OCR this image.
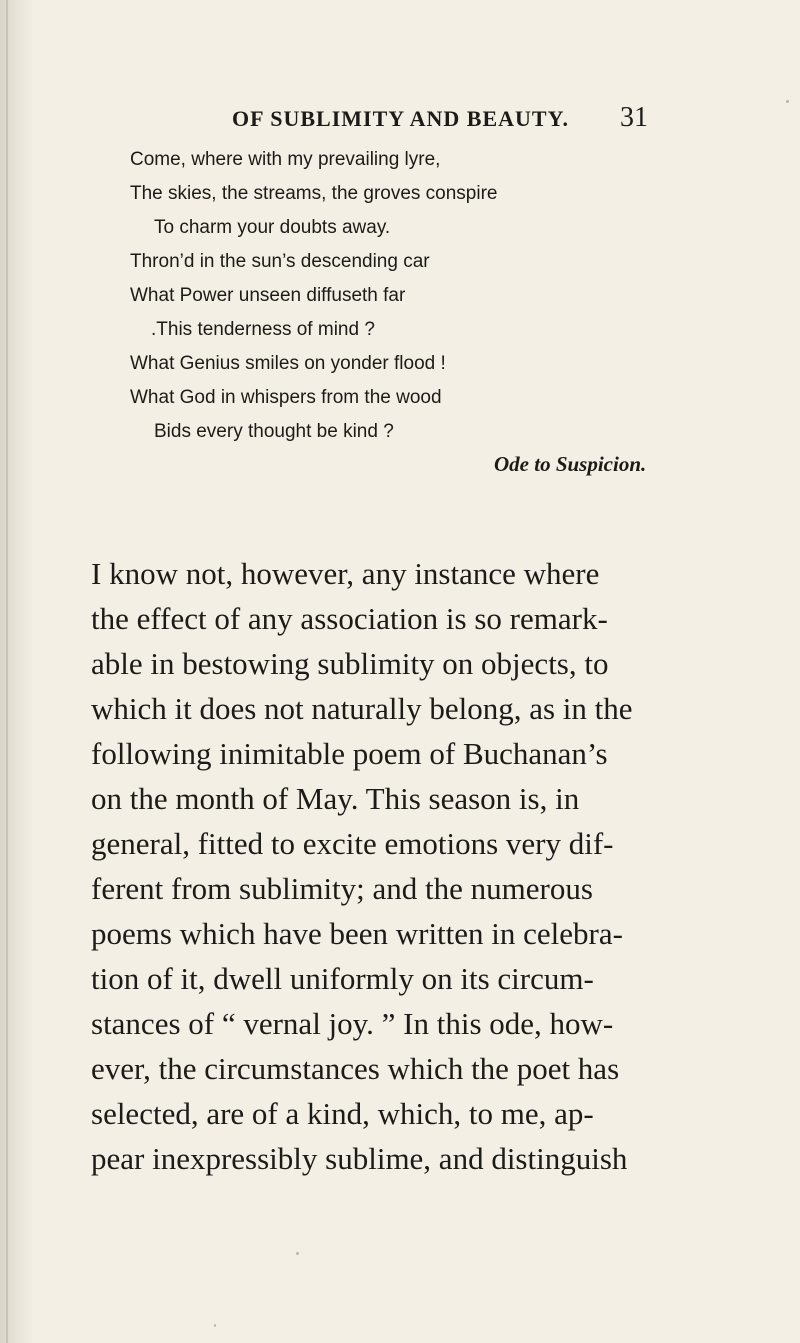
OF SUBLIMITY AND BEAUTY. 31
Come, where with my prevailing lyre,
The skies, the streams, the groves conspire
To charm your doubts away.
Thron’d in the sun’s descending car
What Power unseen diffuseth far
.This tenderness of mind ?
What Genius smiles on yonder flood !
What God in whispers from the wood
Bids every thought be kind ?
Ode to Suspicion.
I know not, however, any instance where
the effect of any association is so remark-
able in bestowing sublimity on objects, to
which it does not naturally belong, as in the
following inimitable poem of Buchanan’s
on the month of May. This season is, in
general, fitted to excite emotions very dif-
ferent from sublimity; and the numerous
poems which have been written in celebra-
tion of it, dwell uniformly on its circum-
stances of “ vernal joy. ” In this ode, how-
ever, the circumstances which the poet has
selected, are of a kind, which, to me, ap-
pear inexpressibly sublime, and distinguish
